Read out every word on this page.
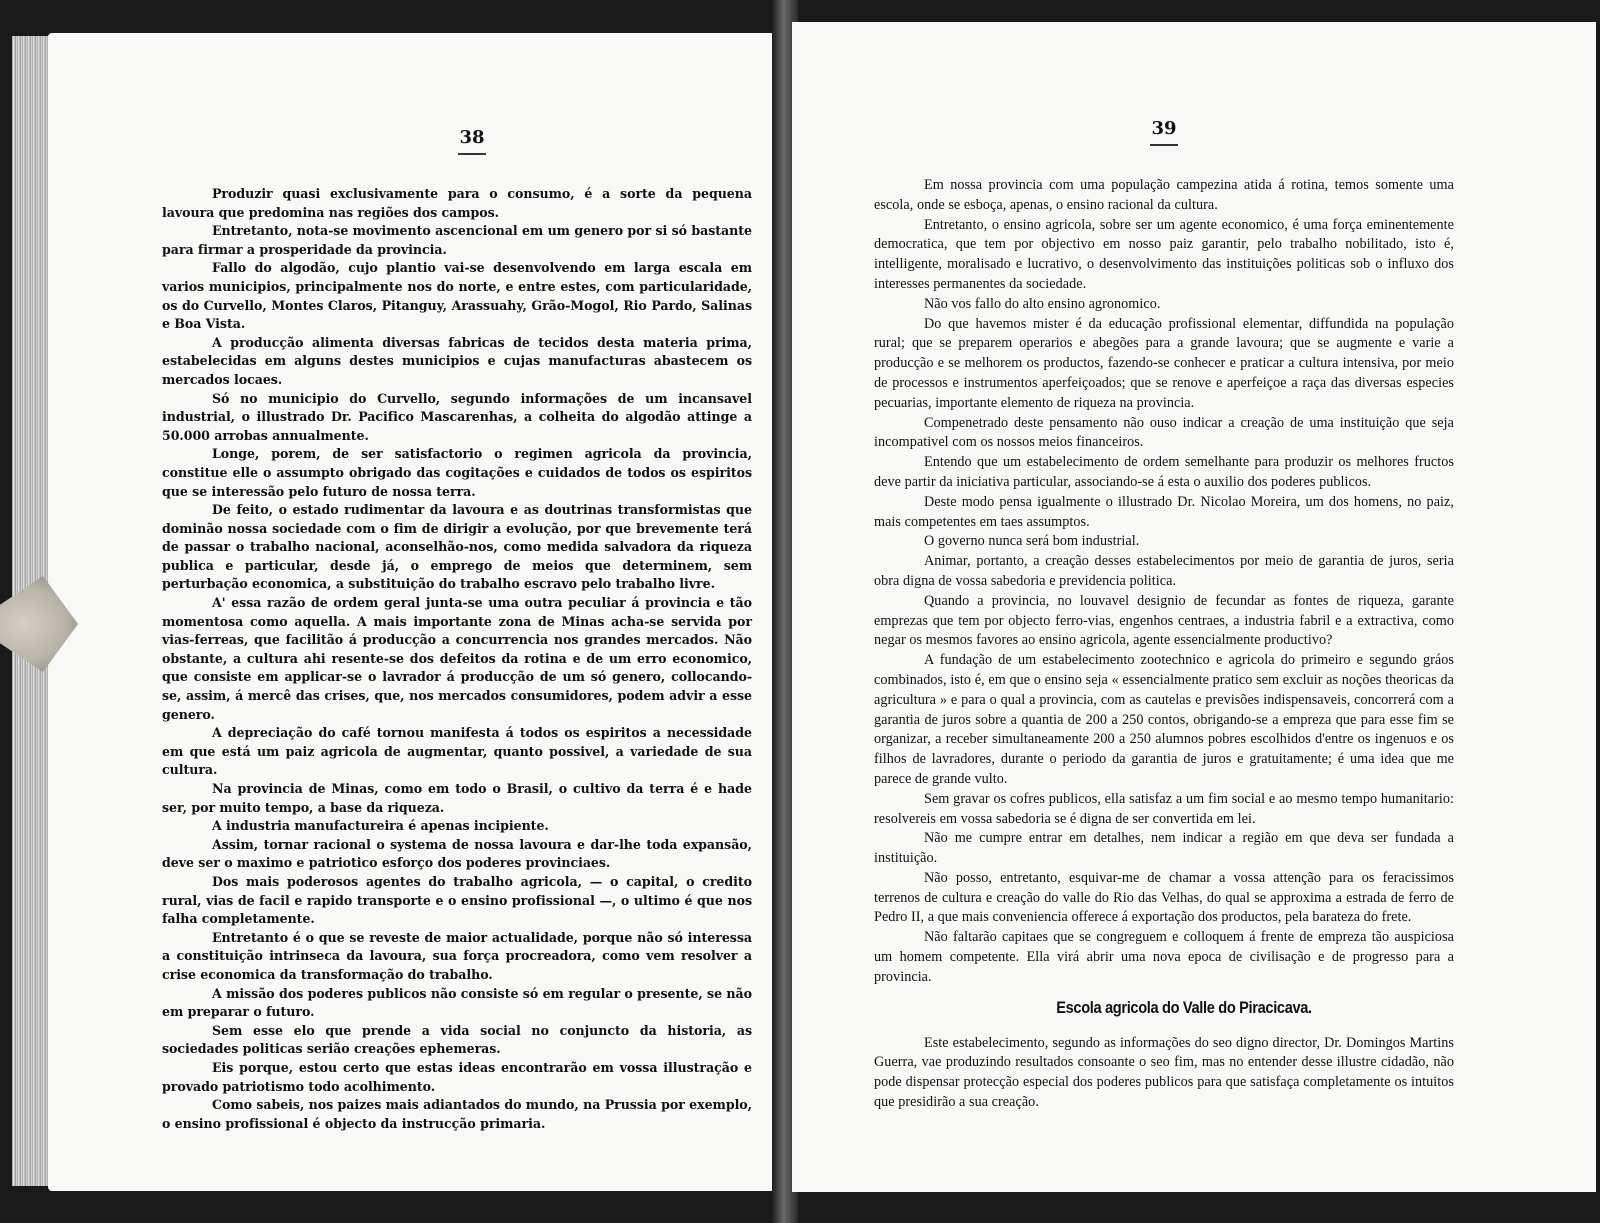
38

Produzir quasi exclusivamente para o consumo, é a sorte da pequena lavoura que predomina nas regiões dos campos.

Entretanto, nota-se movimento ascencional em um genero por si só bastante para firmar a prosperidade da provincia.

Fallo do algodão, cujo plantio vai-se desenvolvendo em larga escala em varios municipios, principalmente nos do norte, e entre estes, com particularidade, os do Curvello, Montes Claros, Pitanguy, Arassuahy, Grão-Mogol, Rio Pardo, Salinas e Boa Vista.

A producção alimenta diversas fabricas de tecidos desta materia prima, estabelecidas em alguns destes municipios e cujas manufacturas abastecem os mercados locaes.

Só no municipio do Curvello, segundo informações de um incansavel industrial, o illustrado Dr. Pacifico Mascarenhas, a colheita do algodão attinge a 50.000 arrobas annualmente.

Longe, porem, de ser satisfactorio o regimen agricola da provincia, constitue elle o assumpto obrigado das cogitações e cuidados de todos os espiritos que se interessão pelo futuro de nossa terra.

De feito, o estado rudimentar da lavoura e as doutrinas transformistas que dominão nossa sociedade com o fim de dirigir a evolução, por que brevemente terá de passar o trabalho nacional, aconselhão-nos, como medida salvadora da riqueza publica e particular, desde já, o emprego de meios que determinem, sem perturbação economica, a substituição do trabalho escravo pelo trabalho livre.

A' essa razão de ordem geral junta-se uma outra peculiar á provincia e tão momentosa como aquella. A mais importante zona de Minas acha-se servida por vias-ferreas, que facilitão á producção a concurrencia nos grandes mercados. Não obstante, a cultura ahi resente-se dos defeitos da rotina e de um erro economico, que consiste em applicar-se o lavrador á producção de um só genero, collocando-se, assim, á mercê das crises, que, nos mercados consumidores, podem advir a esse genero.

A depreciação do café tornou manifesta á todos os espiritos a necessidade em que está um paiz agricola de augmentar, quanto possivel, a variedade de sua cultura.

Na provincia de Minas, como em todo o Brasil, o cultivo da terra é e hade ser, por muito tempo, a base da riqueza.

A industria manufactureira é apenas incipiente.

Assim, tornar racional o systema de nossa lavoura e dar-lhe toda expansão, deve ser o maximo e patriotico esforço dos poderes provinciaes.

Dos mais poderosos agentes do trabalho agricola, — o capital, o credito rural, vias de facil e rapido transporte e o ensino profissional —, o ultimo é que nos falha completamente.

Entretanto é o que se reveste de maior actualidade, porque não só interessa a constituição intrinseca da lavoura, sua força procreadora, como vem resolver a crise economica da transformação do trabalho.

A missão dos poderes publicos não consiste só em regular o presente, se não em preparar o futuro.

Sem esse elo que prende a vida social no conjuncto da historia, as sociedades politicas serião creações ephemeras.

Eis porque, estou certo que estas ideas encontrarão em vossa illustração e provado patriotismo todo acolhimento.

Como sabeis, nos paizes mais adiantados do mundo, na Prussia por exemplo, o ensino profissional é objecto da instrucção primaria.

39

Em nossa provincia com uma população campezina atida á rotina, temos somente uma escola, onde se esboça, apenas, o ensino racional da cultura.

Entretanto, o ensino agricola, sobre ser um agente economico, é uma força eminentemente democratica, que tem por objectivo em nosso paiz garantir, pelo trabalho nobilitado, isto é, intelligente, moralisado e lucrativo, o desenvolvimento das instituições politicas sob o influxo dos interesses permanentes da sociedade.

Não vos fallo do alto ensino agronomico.

Do que havemos mister é da educação profissional elementar, diffundida na população rural; que se preparem operarios e abegões para a grande lavoura; que se augmente e varie a producção e se melhorem os productos, fazendo-se conhecer e praticar a cultura intensiva, por meio de processos e instrumentos aperfeiçoados; que se renove e aperfeiçoe a raça das diversas especies pecuarias, importante elemento de riqueza na provincia.

Compenetrado deste pensamento não ouso indicar a creação de uma instituição que seja incompativel com os nossos meios financeiros.

Entendo que um estabelecimento de ordem semelhante para produzir os melhores fructos deve partir da iniciativa particular, associando-se á esta o auxilio dos poderes publicos.

Deste modo pensa igualmente o illustrado Dr. Nicolao Moreira, um dos homens, no paiz, mais competentes em taes assumptos.

O governo nunca será bom industrial.

Animar, portanto, a creação desses estabelecimentos por meio de garantia de juros, seria obra digna de vossa sabedoria e previdencia politica.

Quando a provincia, no louvavel designio de fecundar as fontes de riqueza, garante emprezas que tem por objecto ferro-vias, engenhos centraes, a industria fabril e a extractiva, como negar os mesmos favores ao ensino agricola, agente essencialmente productivo?

A fundação de um estabelecimento zootechnico e agricola do primeiro e segundo gráos combinados, isto é, em que o ensino seja « essencialmente pratico sem excluir as noções theoricas da agricultura » e para o qual a provincia, com as cautelas e previsões indispensaveis, concorrerá com a garantia de juros sobre a quantia de 200 a 250 contos, obrigando-se a empreza que para esse fim se organizar, a receber simultaneamente 200 a 250 alumnos pobres escolhidos d'entre os ingenuos e os filhos de lavradores, durante o periodo da garantia de juros e gratuitamente; é uma idea que me parece de grande vulto.

Sem gravar os cofres publicos, ella satisfaz a um fim social e ao mesmo tempo humanitario: resolvereis em vossa sabedoria se é digna de ser convertida em lei.

Não me cumpre entrar em detalhes, nem indicar a região em que deva ser fundada a instituição.

Não posso, entretanto, esquivar-me de chamar a vossa attenção para os feracissimos terrenos de cultura e creação do valle do Rio das Velhas, do qual se approxima a estrada de ferro de Pedro II, a que mais conveniencia offerece á exportação dos productos, pela barateza do frete.

Não faltarão capitaes que se congreguem e colloquem á frente de empreza tão auspiciosa um homem competente. Ella virá abrir uma nova epoca de civilisação e de progresso para a provincia.

Escola agricola do Valle do Piracicava.

Este estabelecimento, segundo as informações do seo digno director, Dr. Domingos Martins Guerra, vae produzindo resultados consoante o seo fim, mas no entender desse illustre cidadão, não pode dispensar protecção especial dos poderes publicos para que satisfaça completamente os intuitos que presidirão a sua creação.
